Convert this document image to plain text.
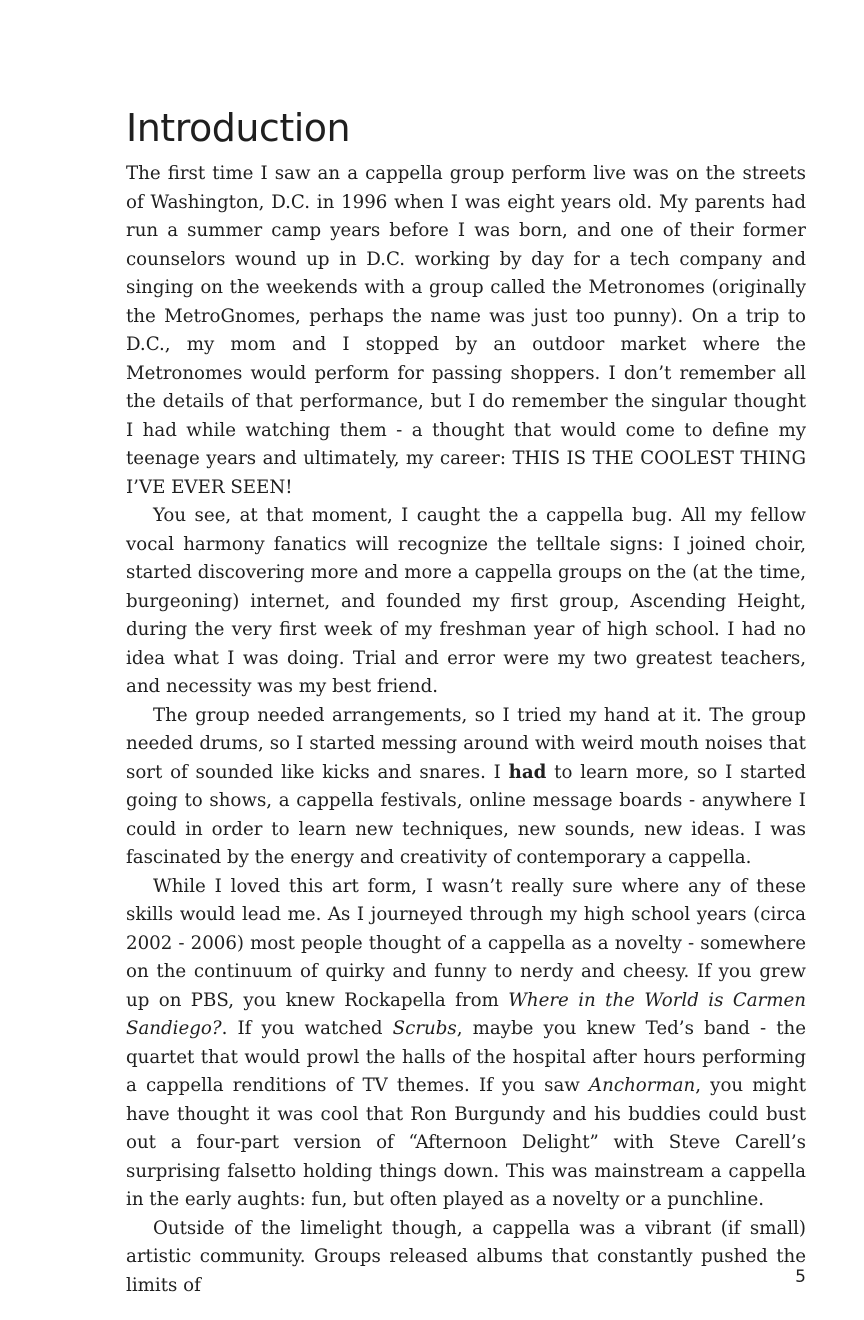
Introduction

The first time I saw an a cappella group perform live was on the streets of Washington, D.C. in 1996 when I was eight years old. My parents had run a summer camp years before I was born, and one of their former counselors wound up in D.C. working by day for a tech company and singing on the weekends with a group called the Metronomes (originally the MetroGnomes, perhaps the name was just too punny). On a trip to D.C., my mom and I stopped by an outdoor market where the Metronomes would perform for passing shoppers. I don’t remember all the details of that performance, but I do remember the singular thought I had while watching them - a thought that would come to define my teenage years and ultimately, my career: THIS IS THE COOLEST THING I’VE EVER SEEN!

You see, at that moment, I caught the a cappella bug. All my fellow vocal harmony fanatics will recognize the telltale signs: I joined choir, started discovering more and more a cappella groups on the (at the time, burgeoning) internet, and founded my first group, Ascending Height, during the very first week of my freshman year of high school. I had no idea what I was doing. Trial and error were my two greatest teachers, and necessity was my best friend.

The group needed arrangements, so I tried my hand at it. The group needed drums, so I started messing around with weird mouth noises that sort of sounded like kicks and snares. I had to learn more, so I started going to shows, a cappella festivals, online message boards - anywhere I could in order to learn new techniques, new sounds, new ideas. I was fascinated by the energy and creativity of contemporary a cappella.

While I loved this art form, I wasn’t really sure where any of these skills would lead me. As I journeyed through my high school years (circa 2002 - 2006) most people thought of a cappella as a novelty - somewhere on the continuum of quirky and funny to nerdy and cheesy. If you grew up on PBS, you knew Rockapella from Where in the World is Carmen Sandiego?. If you watched Scrubs, maybe you knew Ted’s band - the quartet that would prowl the halls of the hospital after hours performing a cappella renditions of TV themes. If you saw Anchorman, you might have thought it was cool that Ron Burgundy and his buddies could bust out a four-part version of “Afternoon Delight” with Steve Carell’s surprising falsetto holding things down. This was mainstream a cappella in the early aughts: fun, but often played as a novelty or a punchline.

Outside of the limelight though, a cappella was a vibrant (if small) artistic community. Groups released albums that constantly pushed the limits of	5
